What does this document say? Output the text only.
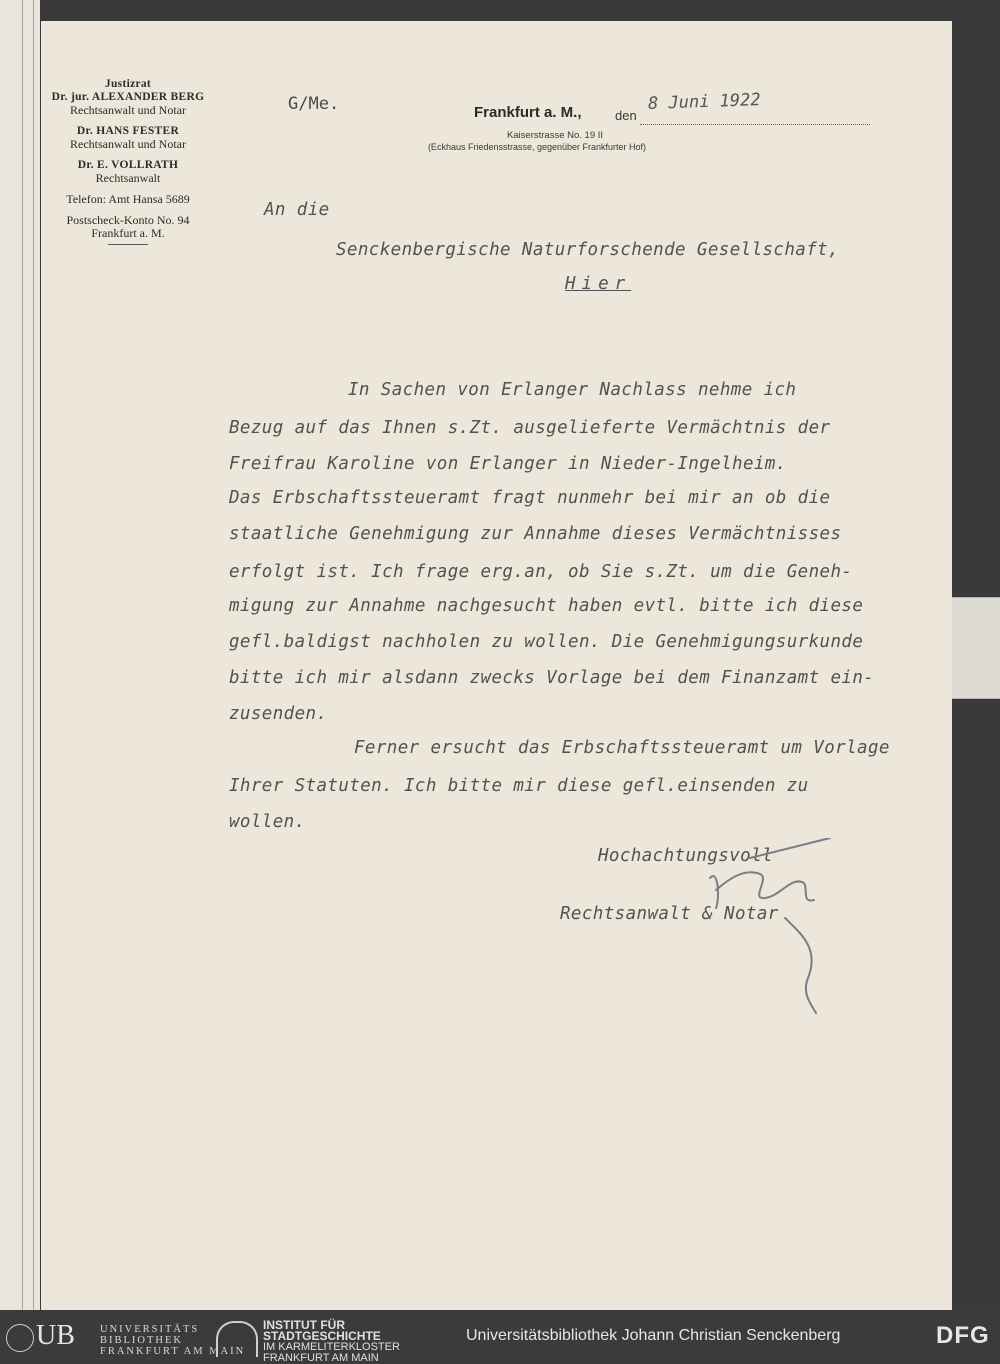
Justizrat
Dr. jur. ALEXANDER BERG
Rechtsanwalt und Notar
Dr. HANS FESTER
Rechtsanwalt und Notar
Dr. E. VOLLRATH
Rechtsanwalt
Telefon: Amt Hansa 5689
Postscheck-Konto No. 94
Frankfurt a. M.
G/Me.	Frankfurt a. M.,	den
8 Juni 1922
Kaiserstrasse No. 19 II
(Eckhaus Friedensstrasse, gegenüber Frankfurter Hof)
An die
Senckenbergische Naturforschende Gesellschaft,
Hier
In Sachen von Erlanger Nachlass nehme ich
Bezug auf das Ihnen s.Zt. ausgelieferte Vermächtnis der
Freifrau Karoline von Erlanger in Nieder-Ingelheim.
Das Erbschaftssteueramt fragt nunmehr bei mir an ob die
staatliche Genehmigung zur Annahme dieses Vermächtnisses
erfolgt ist. Ich frage erg.an, ob Sie s.Zt. um die Geneh-
migung zur Annahme nachgesucht haben evtl. bitte ich diese
gefl.baldigst nachholen zu wollen. Die Genehmigungsurkunde
bitte ich mir alsdann zwecks Vorlage bei dem Finanzamt ein-
zusenden.
Ferner ersucht das Erbschaftssteueramt um Vorlage
Ihrer Statuten. Ich bitte mir diese gefl.einsenden zu
wollen.
Hochachtungsvoll
Rechtsanwalt & Notar
UB UNIVERSITÄTS
BIBLIOTHEK
FRANKFURT AM MAIN
INSTITUT FÜR
STADTGESCHICHTE
IM KARMELITERKLOSTER
FRANKFURT AM MAIN
Universitätsbibliothek Johann Christian Senckenberg	DFG
